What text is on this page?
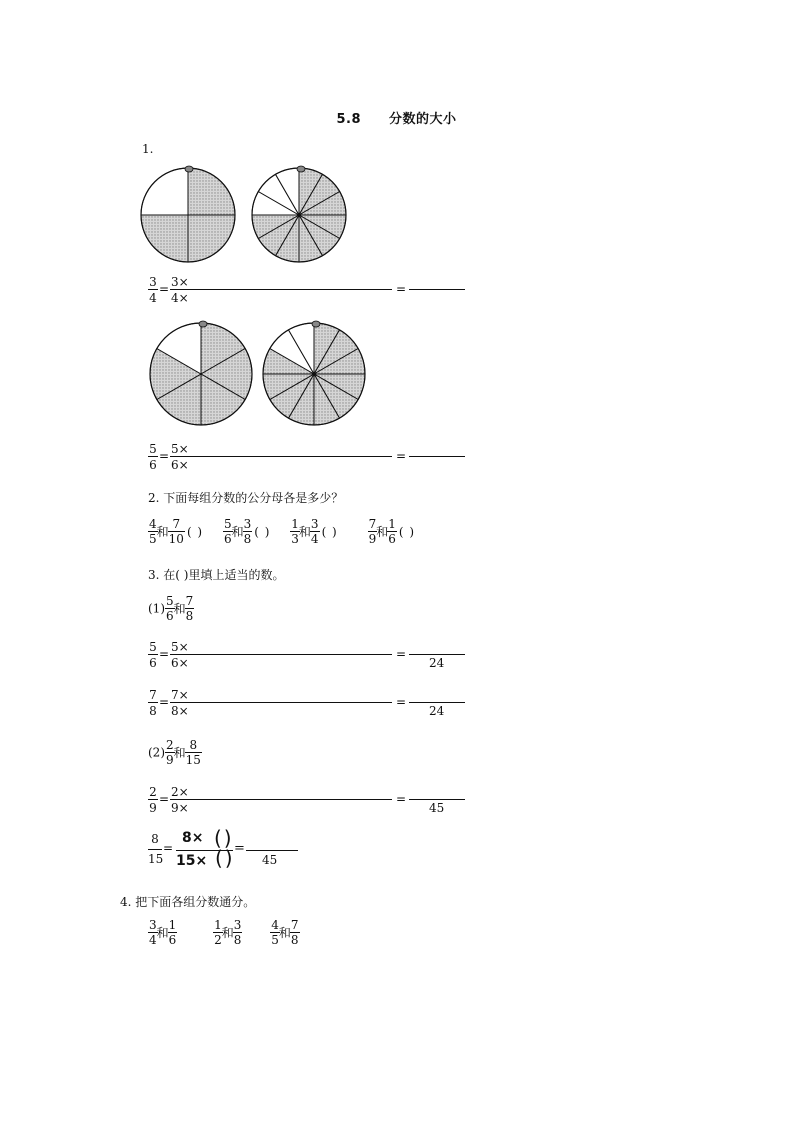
5.8 分数的大小
1.
3
4
= 3×
4×
=
5
6
= 5×
6×
=
2. 下面每组分数的公分母各是多少？
$\frac{4}{5}$ 和 $\frac{7}{10}$ ( ) $\frac{5}{6}$ 和 $\frac{3}{8}$ ( ) $\frac{1}{3}$ 和 $\frac{3}{4}$ ( ) $\frac{7}{9}$ 和 $\frac{1}{6}$ ( )
3. 在( )里填上适当的数。
$(1) \frac{5}{6}$ 和 $\frac{7}{8}$
5
6
= 5×
6×
=
24
7
8
= 7×
8×
=
24
$(2) \frac{2}{9}$ 和 $\frac{8}{15}$
2
9
= 2×
9×
=
45
8
15
=
8× ( )
15× ( ) =
45
4. 把下面各组分数通分。
$\frac{3}{4}$ 和 $\frac{1}{6}$
	$\frac{1}{2}$ 和 $\frac{3}{8}$
$\frac{4}{5}$ 和 $\frac{7}{8}$
